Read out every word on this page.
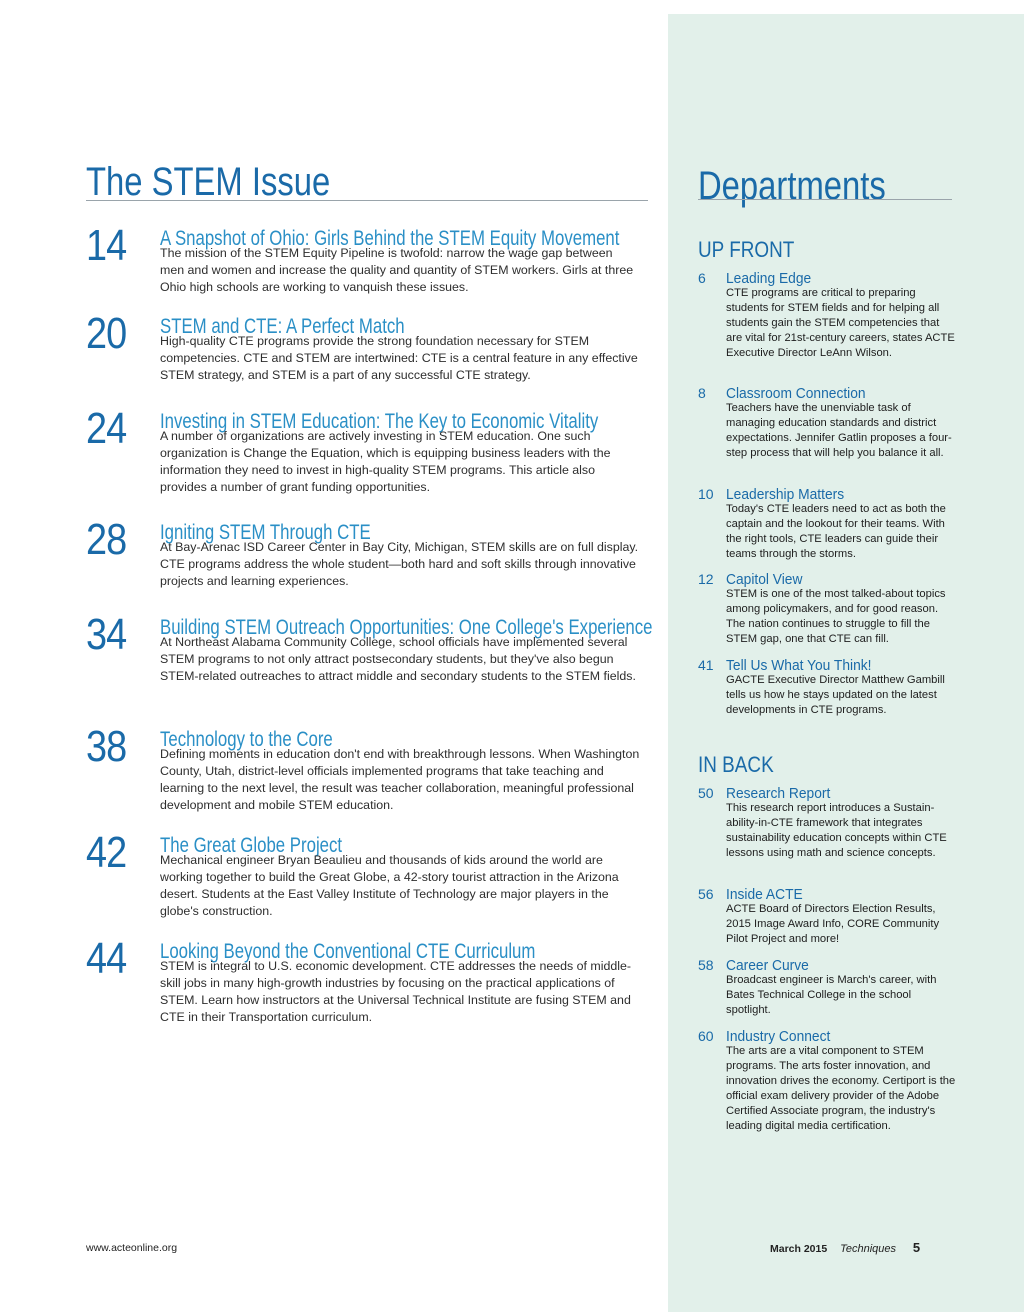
The STEM Issue
14 A Snapshot of Ohio: Girls Behind the STEM Equity Movement
The mission of the STEM Equity Pipeline is twofold: narrow the wage gap between men and women and increase the quality and quantity of STEM workers. Girls at three Ohio high schools are working to vanquish these issues.
20 STEM and CTE: A Perfect Match
High-quality CTE programs provide the strong foundation necessary for STEM competencies. CTE and STEM are intertwined: CTE is a central feature in any effective STEM strategy, and STEM is a part of any successful CTE strategy.
24 Investing in STEM Education: The Key to Economic Vitality
A number of organizations are actively investing in STEM education. One such organization is Change the Equation, which is equipping business leaders with the information they need to invest in high-quality STEM programs. This article also provides a number of grant funding opportunities.
28 Igniting STEM Through CTE
At Bay-Arenac ISD Career Center in Bay City, Michigan, STEM skills are on full display. CTE programs address the whole student—both hard and soft skills through innovative projects and learning experiences.
34 Building STEM Outreach Opportunities: One College's Experience
At Northeast Alabama Community College, school officials have implemented several STEM programs to not only attract postsecondary students, but they've also begun STEM-related outreaches to attract middle and secondary students to the STEM fields.
38 Technology to the Core
Defining moments in education don't end with breakthrough lessons. When Washington County, Utah, district-level officials implemented programs that take teaching and learning to the next level, the result was teacher collaboration, meaningful professional development and mobile STEM education.
42 The Great Globe Project
Mechanical engineer Bryan Beaulieu and thousands of kids around the world are working together to build the Great Globe, a 42-story tourist attraction in the Arizona desert. Students at the East Valley Institute of Technology are major players in the globe's construction.
44 Looking Beyond the Conventional CTE Curriculum
STEM is integral to U.S. economic development. CTE addresses the needs of middle-skill jobs in many high-growth industries by focusing on the practical applications of STEM. Learn how instructors at the Universal Technical Institute are fusing STEM and CTE in their Transportation curriculum.
Departments
UP FRONT
6 Leading Edge
CTE programs are critical to preparing students for STEM fields and for helping all students gain the STEM competencies that are vital for 21st-century careers, states ACTE Executive Director LeAnn Wilson.
8 Classroom Connection
Teachers have the unenviable task of managing education standards and district expectations. Jennifer Gatlin proposes a four-step process that will help you balance it all.
10 Leadership Matters
Today's CTE leaders need to act as both the captain and the lookout for their teams. With the right tools, CTE leaders can guide their teams through the storms.
12 Capitol View
STEM is one of the most talked-about topics among policymakers, and for good reason. The nation continues to struggle to fill the STEM gap, one that CTE can fill.
41 Tell Us What You Think!
GACTE Executive Director Matthew Gambill tells us how he stays updated on the latest developments in CTE programs.
IN BACK
50 Research Report
This research report introduces a Sustain-ability-in-CTE framework that integrates sustainability education concepts within CTE lessons using math and science concepts.
56 Inside ACTE
ACTE Board of Directors Election Results, 2015 Image Award Info, CORE Community Pilot Project and more!
58 Career Curve
Broadcast engineer is March's career, with Bates Technical College in the school spotlight.
60 Industry Connect
The arts are a vital component to STEM programs. The arts foster innovation, and innovation drives the economy. Certiport is the official exam delivery provider of the Adobe Certified Associate program, the industry's leading digital media certification.
www.acteonline.org	March 2015 Techniques 5
